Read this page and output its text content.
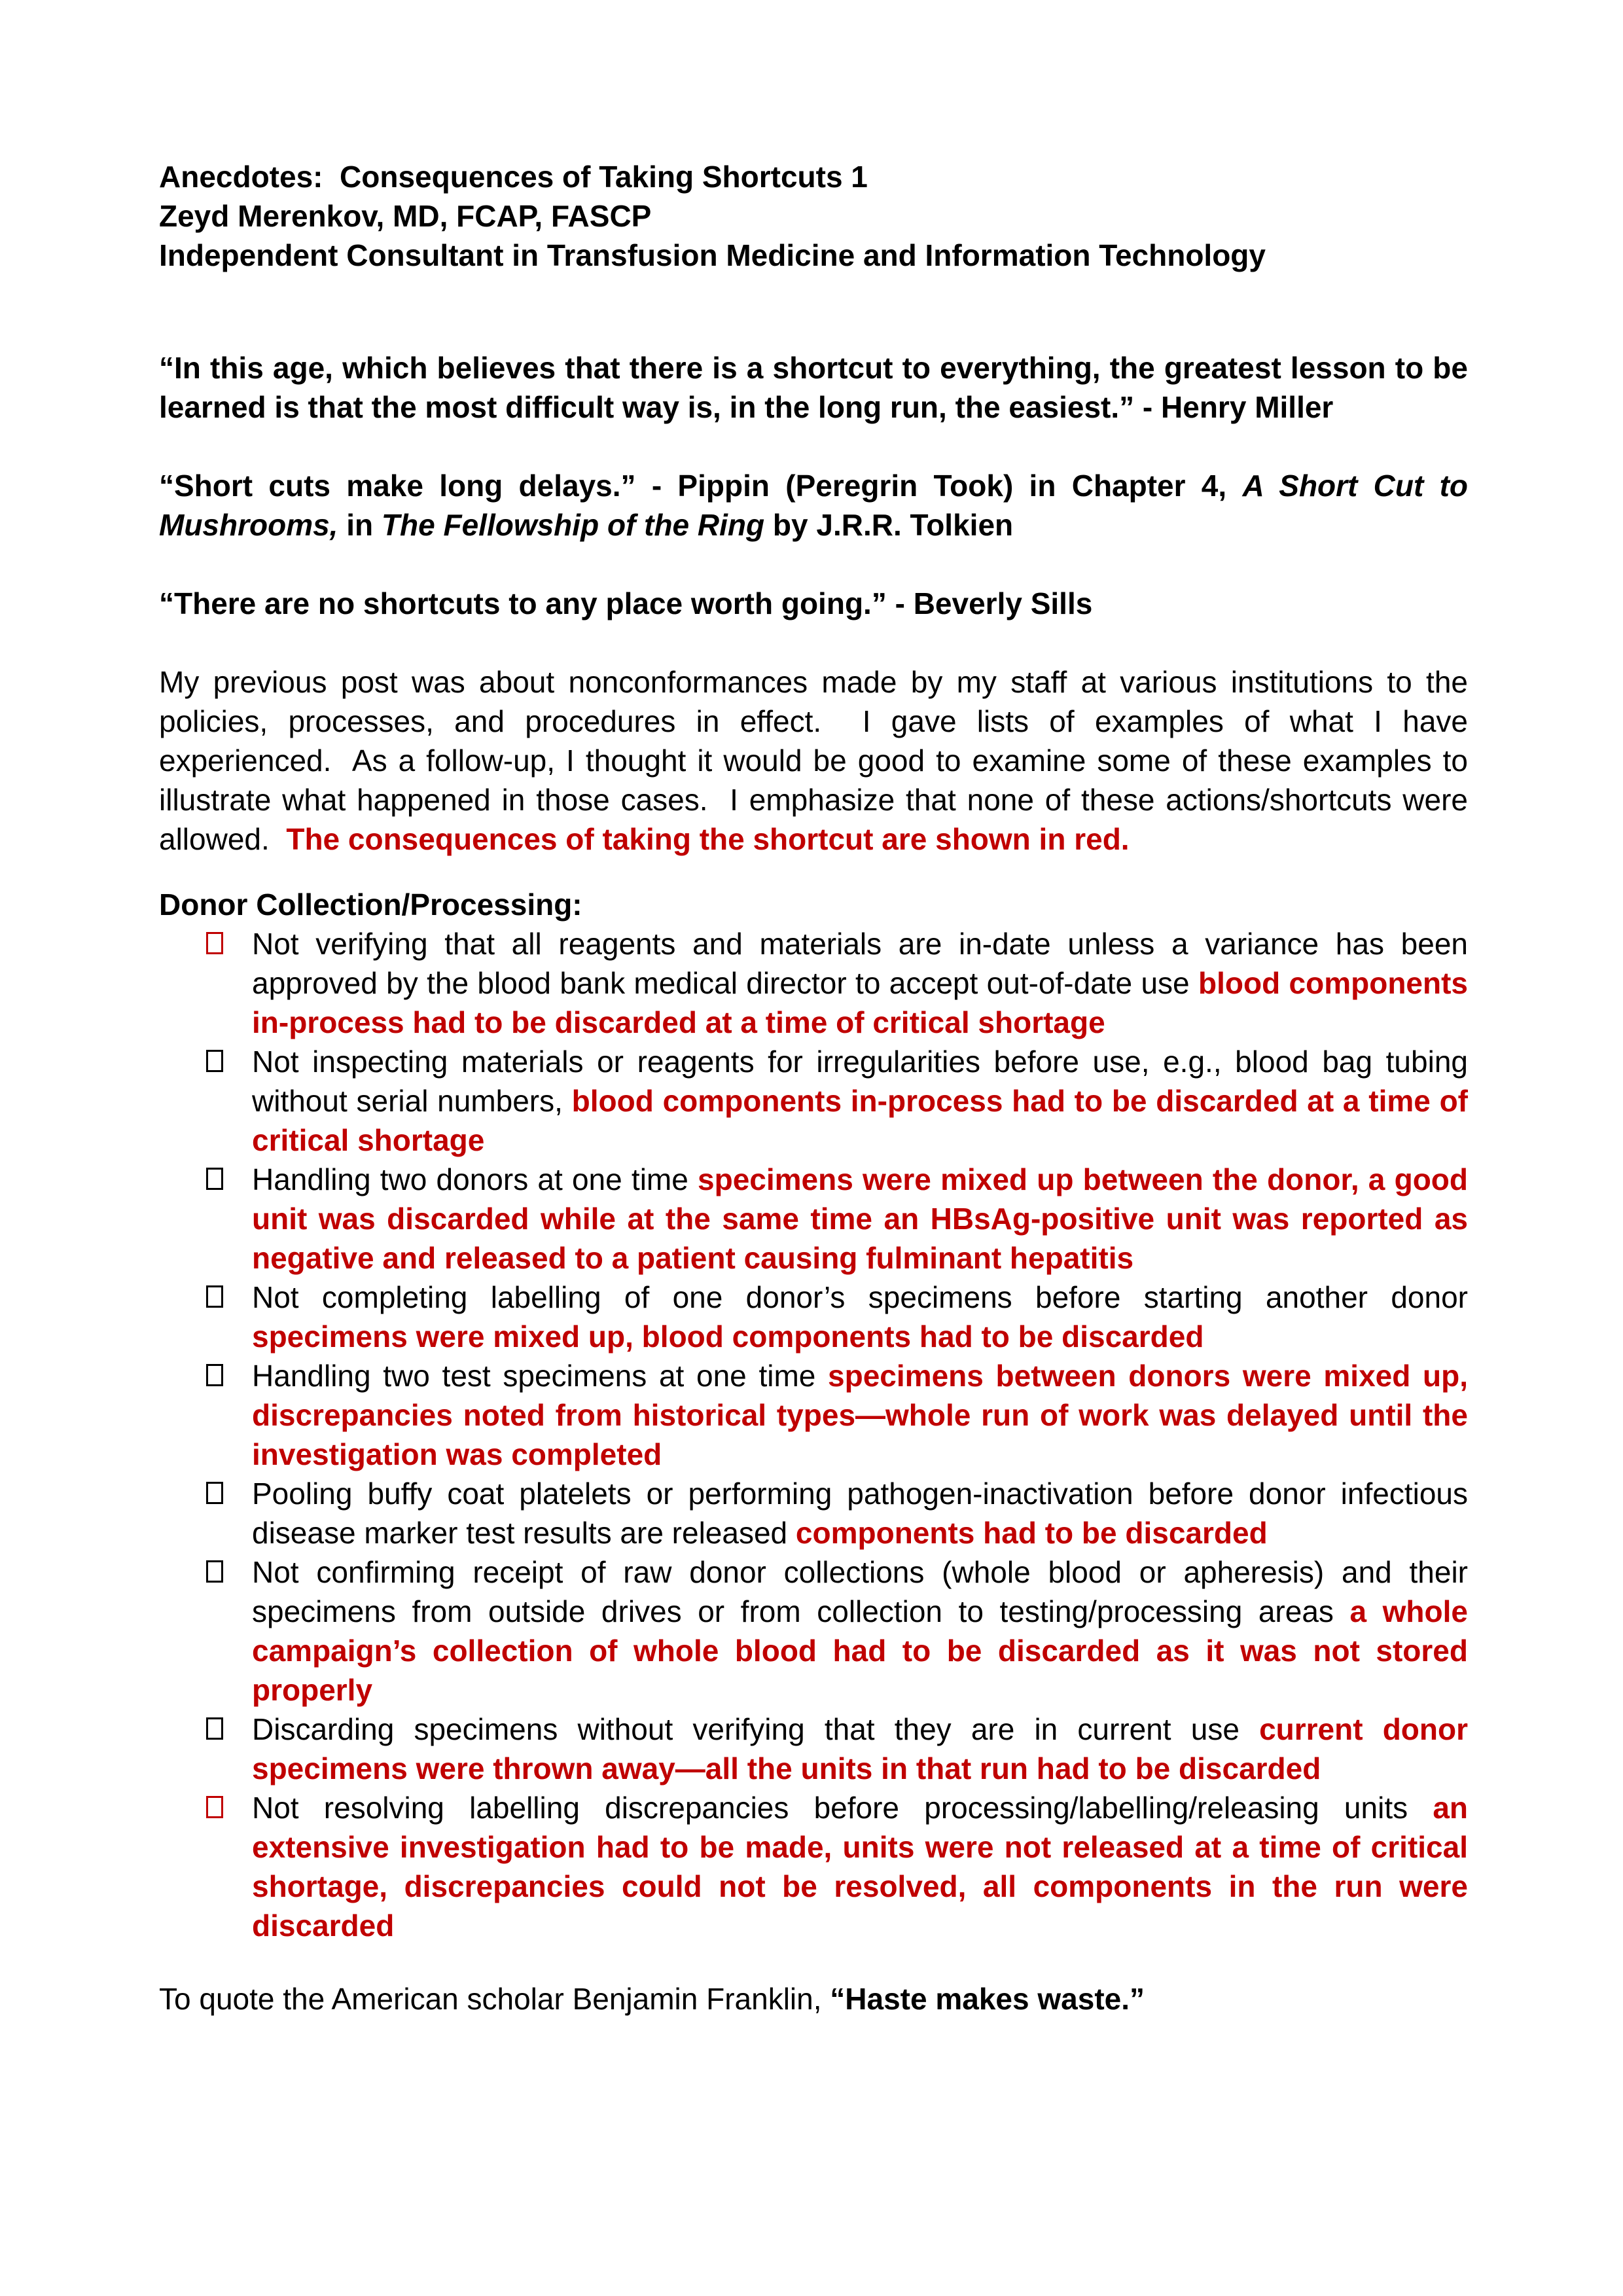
Anecdotes:  Consequences of Taking Shortcuts 1

Zeyd Merenkov, MD, FCAP, FASCP

Independent Consultant in Transfusion Medicine and Information Technology

“In this age, which believes that there is a shortcut to everything, the greatest lesson to be learned is that the most difficult way is, in the long run, the easiest.” - Henry Miller

“Short cuts make long delays.” - Pippin (Peregrin Took) in Chapter 4, A Short Cut to Mushrooms, in The Fellowship of the Ring by J.R.R. Tolkien

“There are no shortcuts to any place worth going.” - Beverly Sills

My previous post was about nonconformances made by my staff at various institutions to the policies, processes, and procedures in effect.  I gave lists of examples of what I have experienced.  As a follow-up, I thought it would be good to examine some of these examples to illustrate what happened in those cases.  I emphasize that none of these actions/shortcuts were allowed.  The consequences of taking the shortcut are shown in red.

Donor Collection/Processing:

Not verifying that all reagents and materials are in-date unless a variance has been approved by the blood bank medical director to accept out-of-date use blood components in-process had to be discarded at a time of critical shortage
Not inspecting materials or reagents for irregularities before use, e.g., blood bag tubing without serial numbers, blood components in-process had to be discarded at a time of critical shortage
Handling two donors at one time specimens were mixed up between the donor, a good unit was discarded while at the same time an HBsAg-positive unit was reported as negative and released to a patient causing fulminant hepatitis
Not completing labelling of one donor’s specimens before starting another donor specimens were mixed up, blood components had to be discarded
Handling two test specimens at one time specimens between donors were mixed up, discrepancies noted from historical types—whole run of work was delayed until the investigation was completed
Pooling buffy coat platelets or performing pathogen-inactivation before donor infectious disease marker test results are released components had to be discarded
Not confirming receipt of raw donor collections (whole blood or apheresis) and their specimens from outside drives or from collection to testing/processing areas a whole campaign’s collection of whole blood had to be discarded as it was not stored properly
Discarding specimens without verifying that they are in current use current donor specimens were thrown away—all the units in that run had to be discarded
Not resolving labelling discrepancies before processing/labelling/releasing units an extensive investigation had to be made, units were not released at a time of critical shortage, discrepancies could not be resolved, all components in the run were discarded

To quote the American scholar Benjamin Franklin, “Haste makes waste.”
